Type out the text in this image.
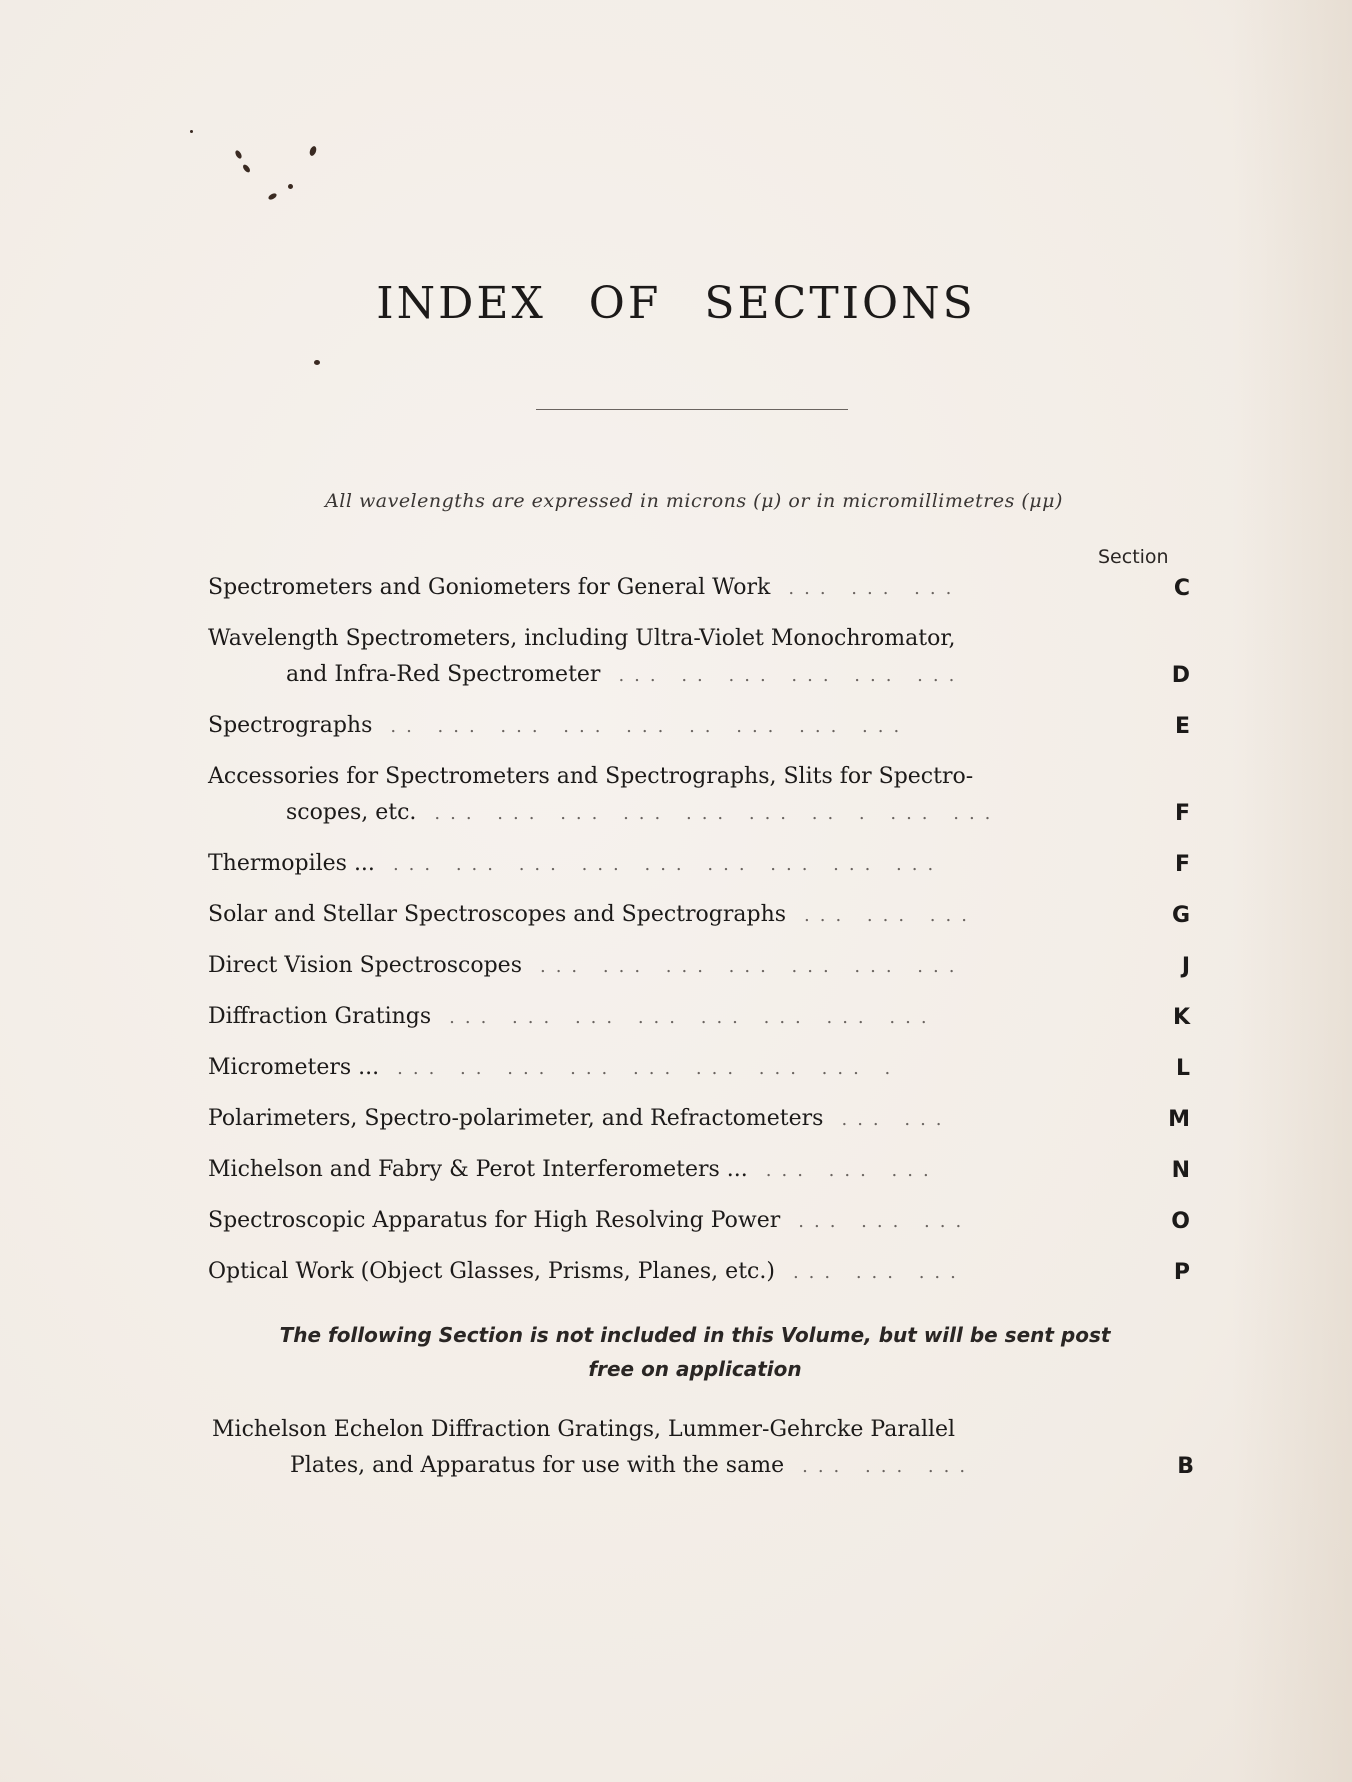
INDEX OF SECTIONS
All wavelengths are expressed in microns (μ) or in micromillimetres (μμ)
Section
Spectrometers and Goniometers for General Work ... ... ...	C
Wavelength Spectrometers, including Ultra-Violet Monochromator,
and Infra-Red Spectrometer ... .. ... ... ... ...	D
Spectrographs .. ... ... ... ... .. ... ... ...	E
Accessories for Spectrometers and Spectrographs, Slits for Spectro-
scopes, etc. ... ... ... ... ... ... .. . ... ...	F
Thermopiles ... ... ... ... ... ... ... ... ... ...	F
Solar and Stellar Spectroscopes and Spectrographs ... ... ...	G
Direct Vision Spectroscopes ... ... ... ... ... ... ...	J
Diffraction Gratings ... ... ... ... ... ... ... ...	K
Micrometers ... ... .. ... ... ... ... ... ... .	L
Polarimeters, Spectro-polarimeter, and Refractometers ... ...	M
Michelson and Fabry & Perot Interferometers ... ... ... ...	N
Spectroscopic Apparatus for High Resolving Power ... ... ...	O
Optical Work (Object Glasses, Prisms, Planes, etc.) ... ... ...	P
The following Section is not included in this Volume, but will be sent post free on application
Michelson Echelon Diffraction Gratings, Lummer-Gehrcke Parallel
Plates, and Apparatus for use with the same ... ... ...	B
